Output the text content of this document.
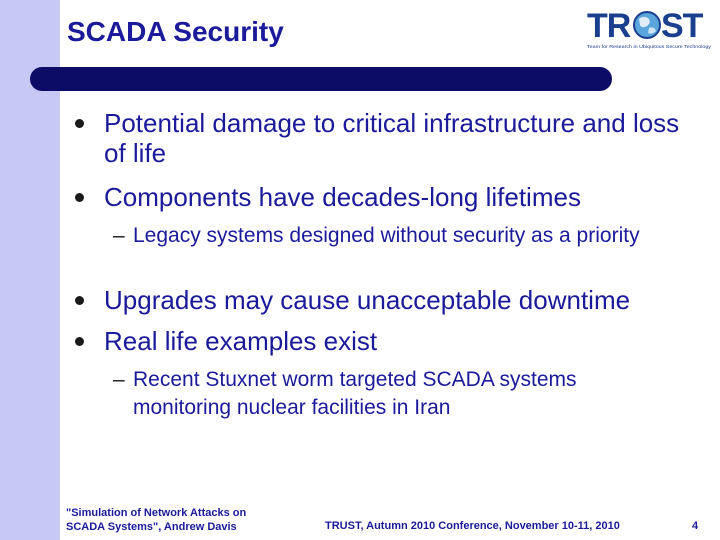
SCADA Security	TR ST
Team for Research in Ubiquitous Secure Technology
Potential damage to critical infrastructure and loss of life
Components have decades-long lifetimes
– Legacy systems designed without security as a priority
Upgrades may cause unacceptable downtime
Real life examples exist
– Recent Stuxnet worm targeted SCADA systems monitoring nuclear facilities in Iran
"Simulation of Network Attacks on
SCADA Systems", Andrew Davis	TRUST, Autumn 2010 Conference, November 10-11, 2010	4
